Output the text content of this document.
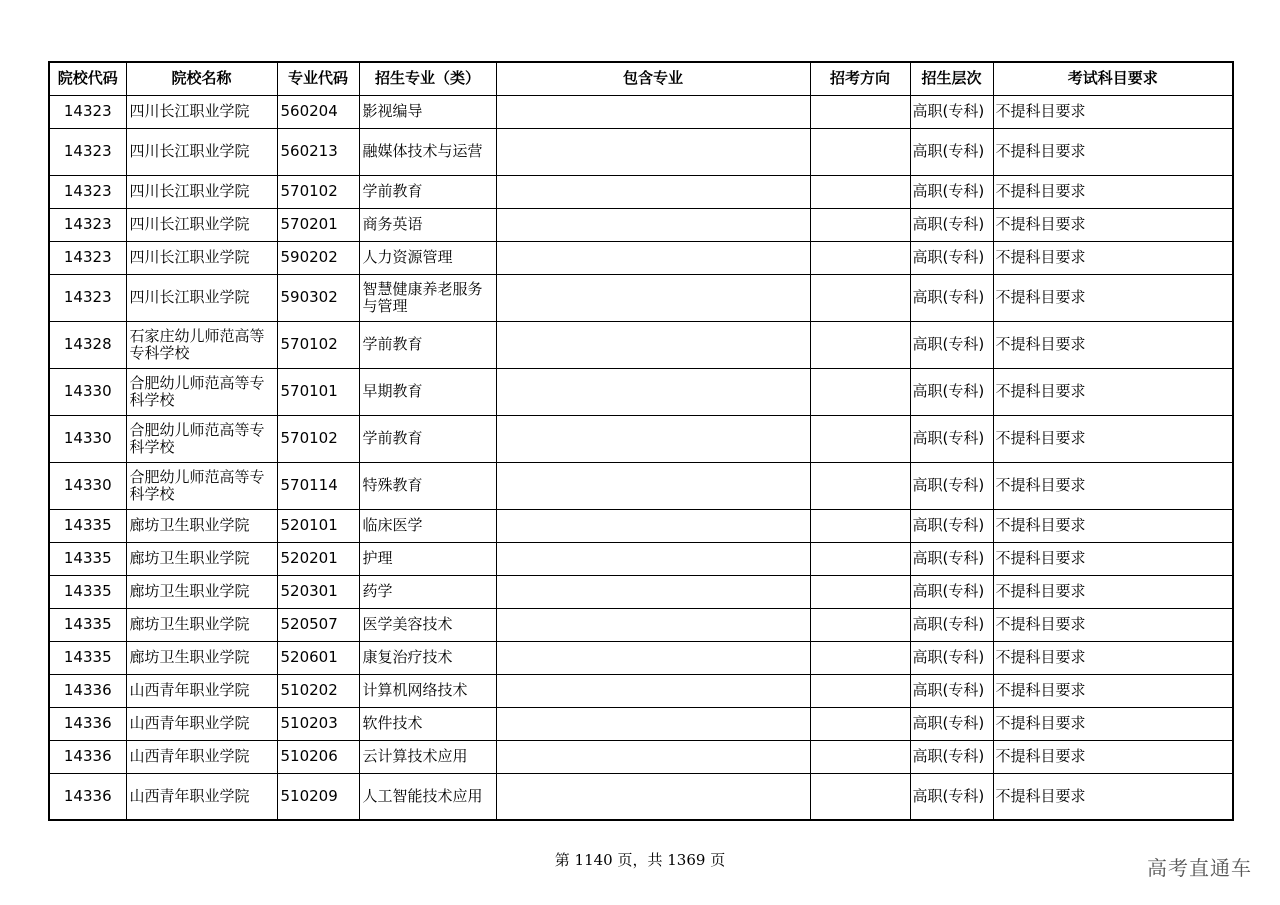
院校代码	院校名称	专业代码	招生专业（类）	包含专业	招考方向	招生层次	考试科目要求
14323	四川长江职业学院	560204	影视编导			高职(专科)	不提科目要求
14323	四川长江职业学院	560213	融媒体技术与运营			高职(专科)	不提科目要求
14323	四川长江职业学院	570102	学前教育			高职(专科)	不提科目要求
14323	四川长江职业学院	570201	商务英语			高职(专科)	不提科目要求
14323	四川长江职业学院	590202	人力资源管理			高职(专科)	不提科目要求
14323	四川长江职业学院	590302	智慧健康养老服务与管理			高职(专科)	不提科目要求
14328	石家庄幼儿师范高等专科学校	570102	学前教育			高职(专科)	不提科目要求
14330	合肥幼儿师范高等专科学校	570101	早期教育			高职(专科)	不提科目要求
14330	合肥幼儿师范高等专科学校	570102	学前教育			高职(专科)	不提科目要求
14330	合肥幼儿师范高等专科学校	570114	特殊教育			高职(专科)	不提科目要求
14335	廊坊卫生职业学院	520101	临床医学			高职(专科)	不提科目要求
14335	廊坊卫生职业学院	520201	护理			高职(专科)	不提科目要求
14335	廊坊卫生职业学院	520301	药学			高职(专科)	不提科目要求
14335	廊坊卫生职业学院	520507	医学美容技术			高职(专科)	不提科目要求
14335	廊坊卫生职业学院	520601	康复治疗技术			高职(专科)	不提科目要求
14336	山西青年职业学院	510202	计算机网络技术			高职(专科)	不提科目要求
14336	山西青年职业学院	510203	软件技术			高职(专科)	不提科目要求
14336	山西青年职业学院	510206	云计算技术应用			高职(专科)	不提科目要求
14336	山西青年职业学院	510209	人工智能技术应用			高职(专科)	不提科目要求
第 1140 页，共 1369 页	高考直通车
